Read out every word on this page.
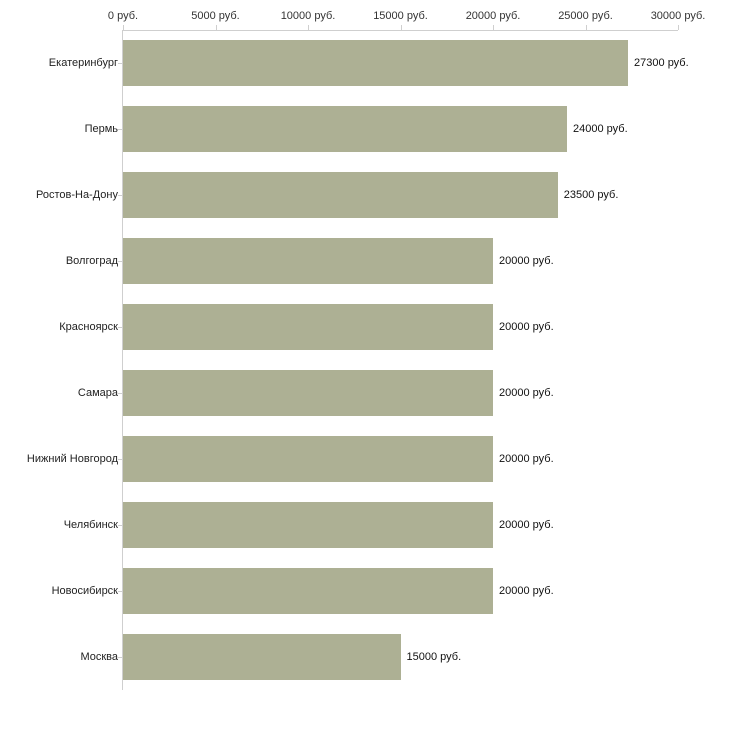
0 руб.	5000 руб.	10000 руб.	15000 руб.	20000 руб.	25000 руб.	30000 руб.
Екатеринбург	27300 руб.
Пермь	24000 руб.
Ростов-На-Дону	23500 руб.
Волгоград	20000 руб.
Красноярск	20000 руб.
Самара	20000 руб.
Нижний Новгород	20000 руб.
Челябинск	20000 руб.
Новосибирск	20000 руб.
Москва	15000 руб.
